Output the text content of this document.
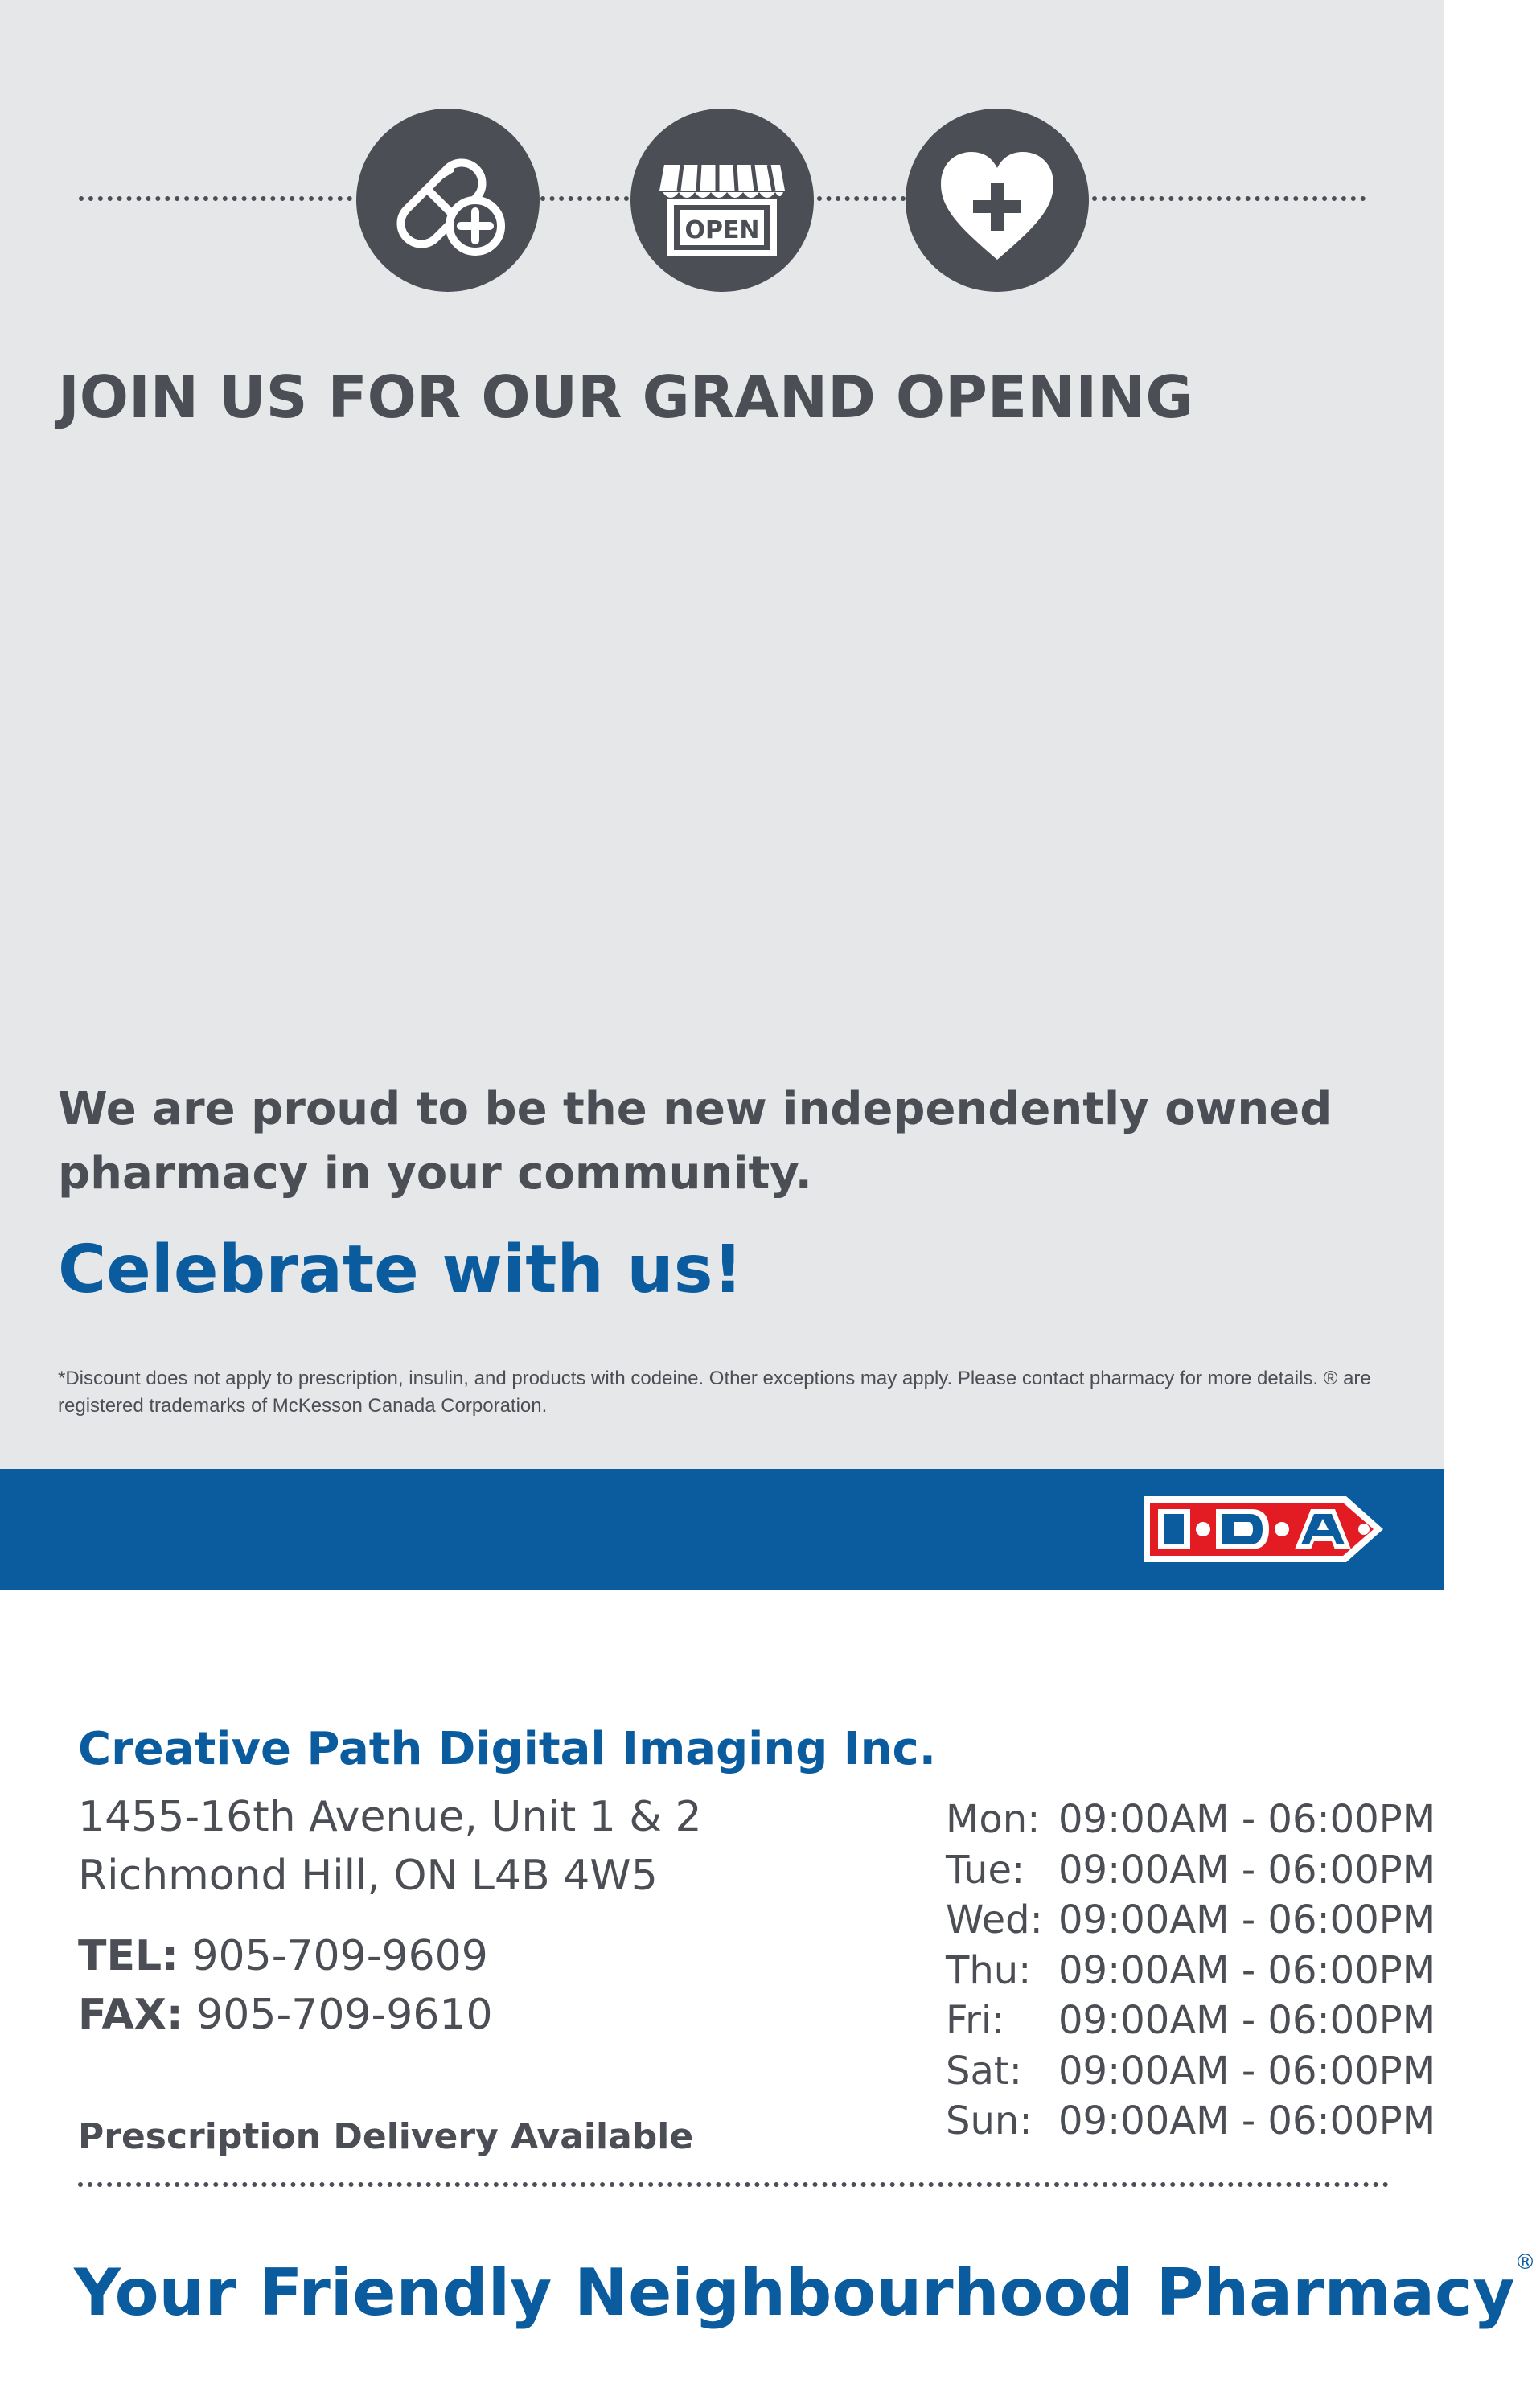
OPEN
JOIN US FOR OUR GRAND OPENING
We are proud to be the new independently owned
pharmacy in your community.
Celebrate with us!
*Discount does not apply to prescription, insulin, and products with codeine. Other exceptions may apply. Please contact pharmacy for more details. ® are registered trademarks of McKesson Canada Corporation.
I·D·A
Creative Path Digital Imaging Inc.
1455-16th Avenue, Unit 1 & 2
Richmond Hill, ON L4B 4W5
TEL: 905-709-9609
FAX: 905-709-9610
Prescription Delivery Available
Mon: 09:00AM - 06:00PM
Tue: 09:00AM - 06:00PM
Wed: 09:00AM - 06:00PM
Thu: 09:00AM - 06:00PM
Fri: 09:00AM - 06:00PM
Sat: 09:00AM - 06:00PM
Sun: 09:00AM - 06:00PM
Your Friendly Neighbourhood Pharmacy®
